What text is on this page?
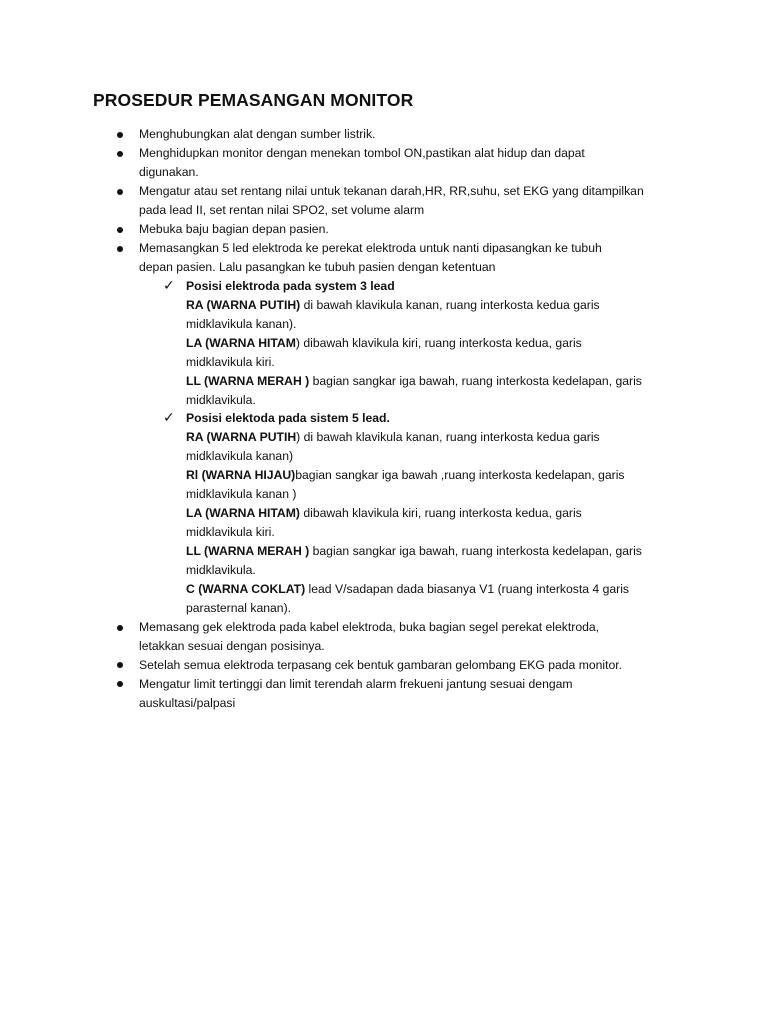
PROSEDUR PEMASANGAN MONITOR
Menghubungkan alat dengan sumber listrik.
Menghidupkan monitor dengan menekan tombol ON,pastikan alat hidup dan dapat
digunakan.
Mengatur atau set rentang nilai untuk tekanan darah,HR, RR,suhu, set EKG yang ditampilkan
pada lead II, set rentan nilai SPO2, set volume alarm
Mebuka baju bagian depan pasien.
Memasangkan 5 led elektroda ke perekat elektroda untuk nanti dipasangkan ke tubuh
depan pasien. Lalu pasangkan ke tubuh pasien dengan ketentuan
✓ Posisi elektroda pada system 3 lead
RA (WARNA PUTIH) di bawah klavikula kanan, ruang interkosta kedua garis
midklavikula kanan).
LA (WARNA HITAM) dibawah klavikula kiri, ruang interkosta kedua, garis
midklavikula kiri.
LL (WARNA MERAH ) bagian sangkar iga bawah, ruang interkosta kedelapan, garis
midklavikula.
✓ Posisi elektoda pada sistem 5 lead.
RA (WARNA PUTIH) di bawah klavikula kanan, ruang interkosta kedua garis
midklavikula kanan)
Rl (WARNA HIJAU)bagian sangkar iga bawah ,ruang interkosta kedelapan, garis
midklavikula kanan )
LA (WARNA HITAM) dibawah klavikula kiri, ruang interkosta kedua, garis
midklavikula kiri.
LL (WARNA MERAH ) bagian sangkar iga bawah, ruang interkosta kedelapan, garis
midklavikula.
C (WARNA COKLAT) lead V/sadapan dada biasanya V1 (ruang interkosta 4 garis
parasternal kanan).
Memasang gek elektroda pada kabel elektroda, buka bagian segel perekat elektroda,
letakkan sesuai dengan posisinya.
Setelah semua elektroda terpasang cek bentuk gambaran gelombang EKG pada monitor.
Mengatur limit tertinggi dan limit terendah alarm frekueni jantung sesuai dengam
auskultasi/palpasi
